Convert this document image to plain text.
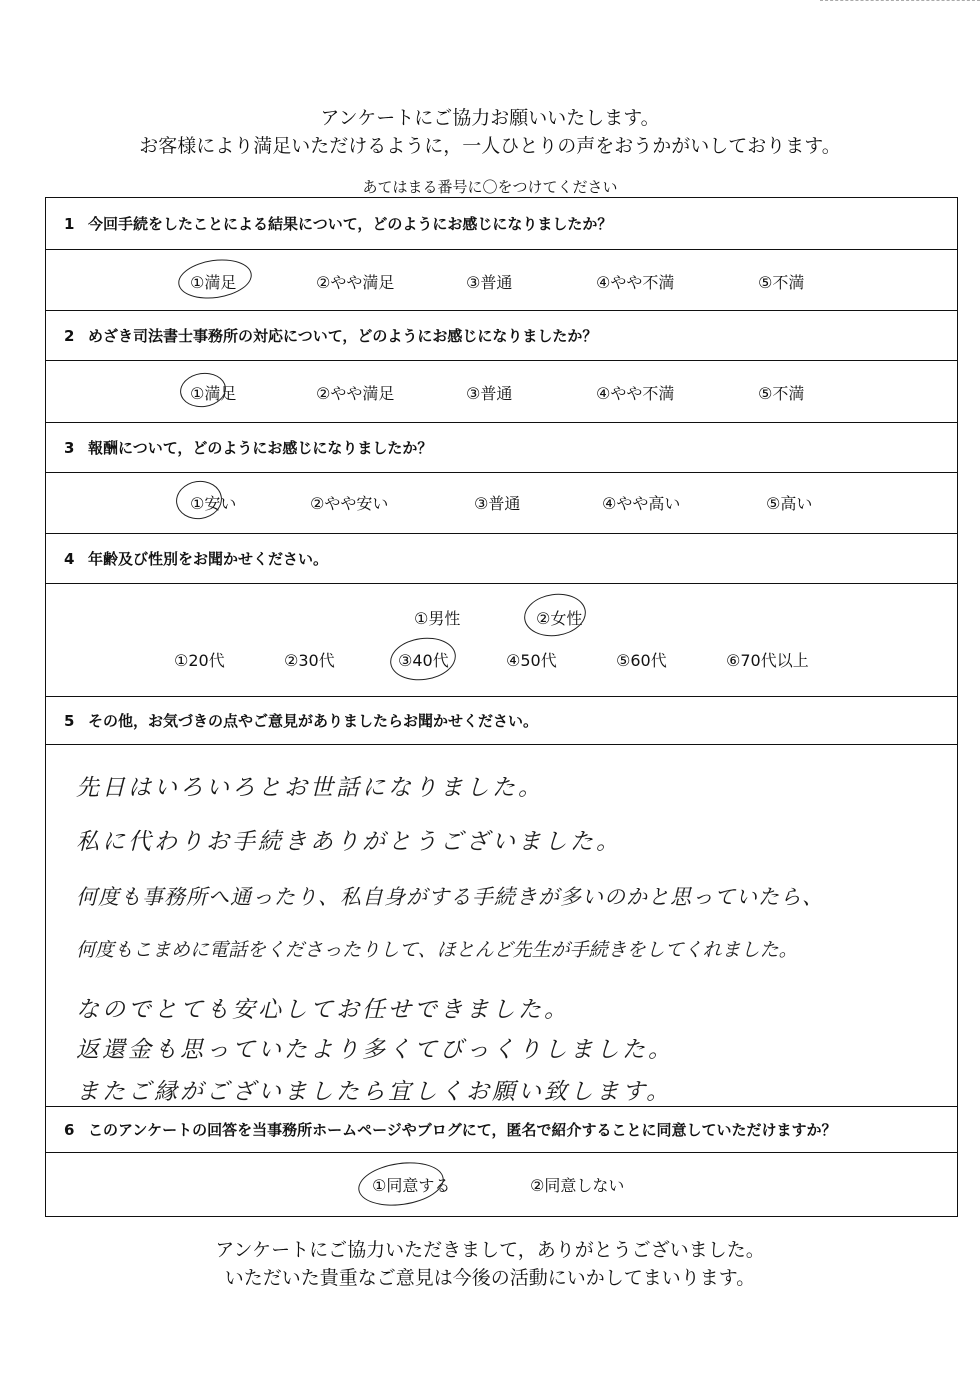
アンケートにご協力お願いいたします。
お客様により満足いただけるように，一人ひとりの声をおうかがいしております。
あてはまる番号に〇をつけてください
1 今回手続をしたことによる結果について，どのようにお感じになりましたか？
①満足	②やや満足	③普通	④やや不満	⑤不満
2 めざき司法書士事務所の対応について，どのようにお感じになりましたか？
①満足	②やや満足	③普通	④やや不満	⑤不満
3 報酬について，どのようにお感じになりましたか？
①安い	②やや安い	③普通	④やや高い	⑤高い
4 年齢及び性別をお聞かせください。
①男性	②女性
①20代	②30代	③40代	④50代	⑤60代	⑥70代以上
5 その他，お気づきの点やご意見がありましたらお聞かせください。
先日はいろいろとお世話になりました。
私に代わりお手続きありがとうございました。
何度も事務所へ通ったり、私自身がする手続きが多いのかと思っていたら、
何度もこまめに電話をくださったりして、ほとんど先生が手続きをしてくれました。
なのでとても安心してお任せできました。
返還金も思っていたより多くてびっくりしました。
またご縁がございましたら宜しくお願い致します。
6 このアンケートの回答を当事務所ホームページやブログにて，匿名で紹介することに同意していただけますか？
①同意する	②同意しない
アンケートにご協力いただきまして，ありがとうございました。
いただいた貴重なご意見は今後の活動にいかしてまいります。
